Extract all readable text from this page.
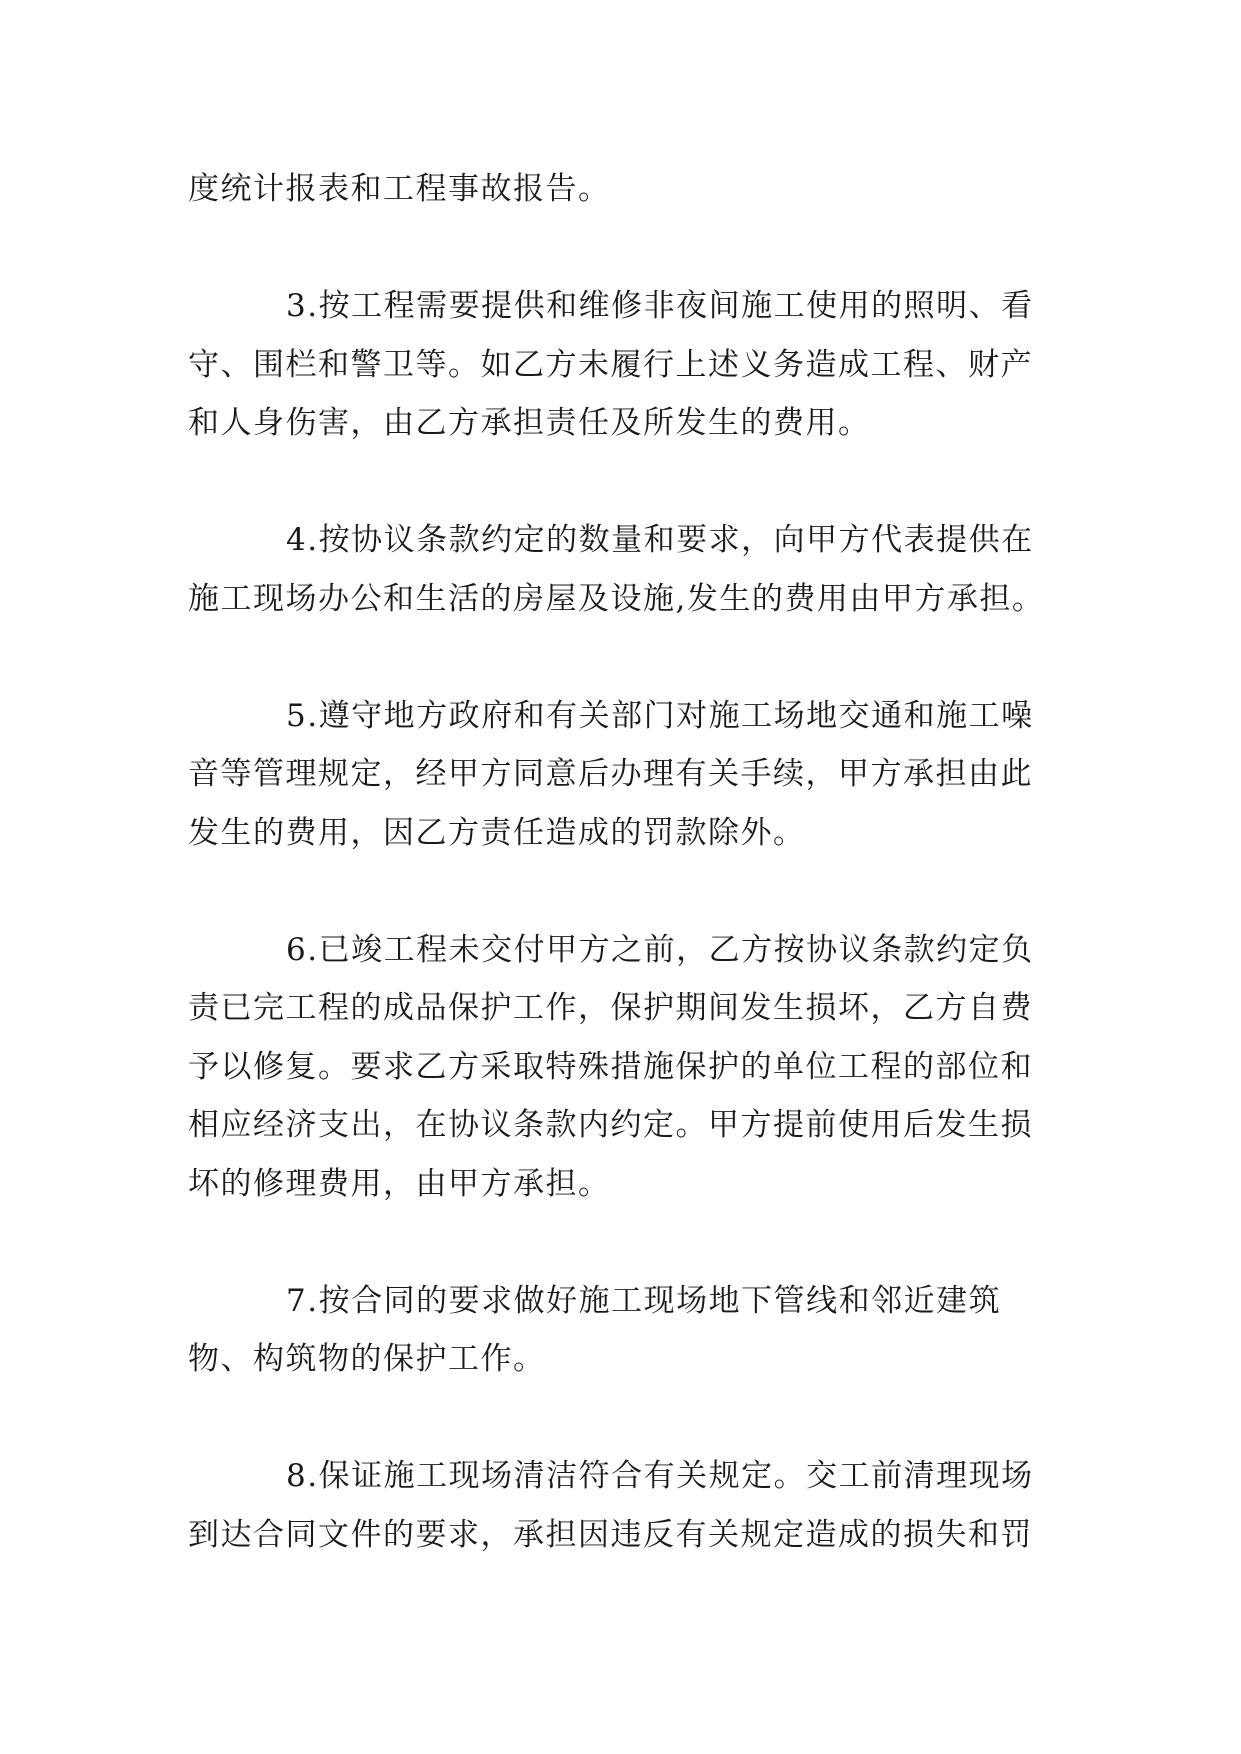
度统计报表和工程事故报告。

3.按工程需要提供和维修非夜间施工使用的照明、看守、围栏和警卫等。如乙方未履行上述义务造成工程、财产和人身伤害，由乙方承担责任及所发生的费用。

4.按协议条款约定的数量和要求，向甲方代表提供在施工现场办公和生活的房屋及设施,发生的费用由甲方承担。

5.遵守地方政府和有关部门对施工场地交通和施工噪音等管理规定，经甲方同意后办理有关手续，甲方承担由此发生的费用，因乙方责任造成的罚款除外。

6.已竣工程未交付甲方之前，乙方按协议条款约定负责已完工程的成品保护工作，保护期间发生损坏，乙方自费予以修复。要求乙方采取特殊措施保护的单位工程的部位和相应经济支出，在协议条款内约定。甲方提前使用后发生损坏的修理费用，由甲方承担。

7.按合同的要求做好施工现场地下管线和邻近建筑物、构筑物的保护工作。

8.保证施工现场清洁符合有关规定。交工前清理现场到达合同文件的要求，承担因违反有关规定造成的损失和罚
